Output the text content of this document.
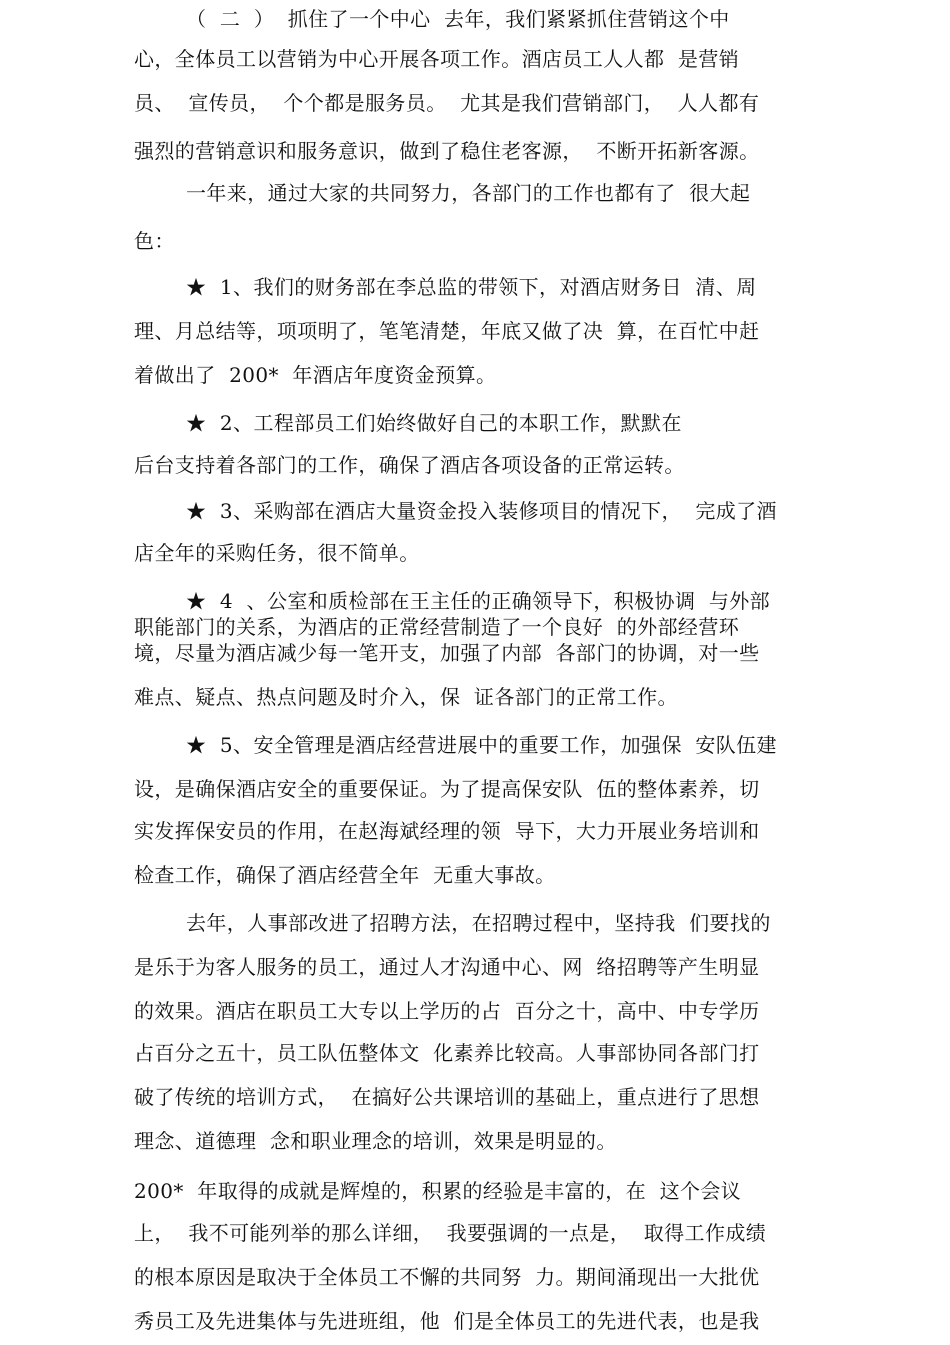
（  二  ）  抓住了一个中心  去年，我们紧紧抓住营销这个中
心，全体员工以营销为中心开展各项工作。酒店员工人人都  是营销
员、  宣传员，  个个都是服务员。  尤其是我们营销部门，  人人都有
强烈的营销意识和服务意识，做到了稳住老客源，  不断开拓新客源。
一年来，通过大家的共同努力，各部门的工作也都有了  很大起
色：
★  1、我们的财务部在李总监的带领下，对酒店财务日  清、周
理、月总结等，项项明了，笔笔清楚，年底又做了决  算，在百忙中赶
着做出了  200*  年酒店年度资金预算。
★  2、工程部员工们始终做好自己的本职工作，默默在
后台支持着各部门的工作，确保了酒店各项设备的正常运转。
★  3、采购部在酒店大量资金投入装修项目的情况下，  完成了酒
店全年的采购任务，很不简单。
★  4  、公室和质检部在王主任的正确领导下，积极协调  与外部
职能部门的关系，为酒店的正常经营制造了一个良好  的外部经营环
境，尽量为酒店减少每一笔开支，加强了内部  各部门的协调，对一些
难点、疑点、热点问题及时介入，保  证各部门的正常工作。
★  5、安全管理是酒店经营进展中的重要工作，加强保  安队伍建
设，是确保酒店安全的重要保证。为了提高保安队  伍的整体素养，切
实发挥保安员的作用，在赵海斌经理的领  导下，大力开展业务培训和
检查工作，确保了酒店经营全年  无重大事故。
去年，人事部改进了招聘方法，在招聘过程中，坚持我  们要找的
是乐于为客人服务的员工，通过人才沟通中心、网  络招聘等产生明显
的效果。酒店在职员工大专以上学历的占  百分之十，高中、中专学历
占百分之五十，员工队伍整体文  化素养比较高。人事部协同各部门打
破了传统的培训方式，  在搞好公共课培训的基础上，重点进行了思想
理念、道德理  念和职业理念的培训，效果是明显的。
200*  年取得的成就是辉煌的，积累的经验是丰富的，在  这个会议
上，  我不可能列举的那么详细，  我要强调的一点是，  取得工作成绩
的根本原因是取决于全体员工不懈的共同努  力。期间涌现出一大批优
秀员工及先进集体与先进班组，他  们是全体员工的先进代表，也是我
